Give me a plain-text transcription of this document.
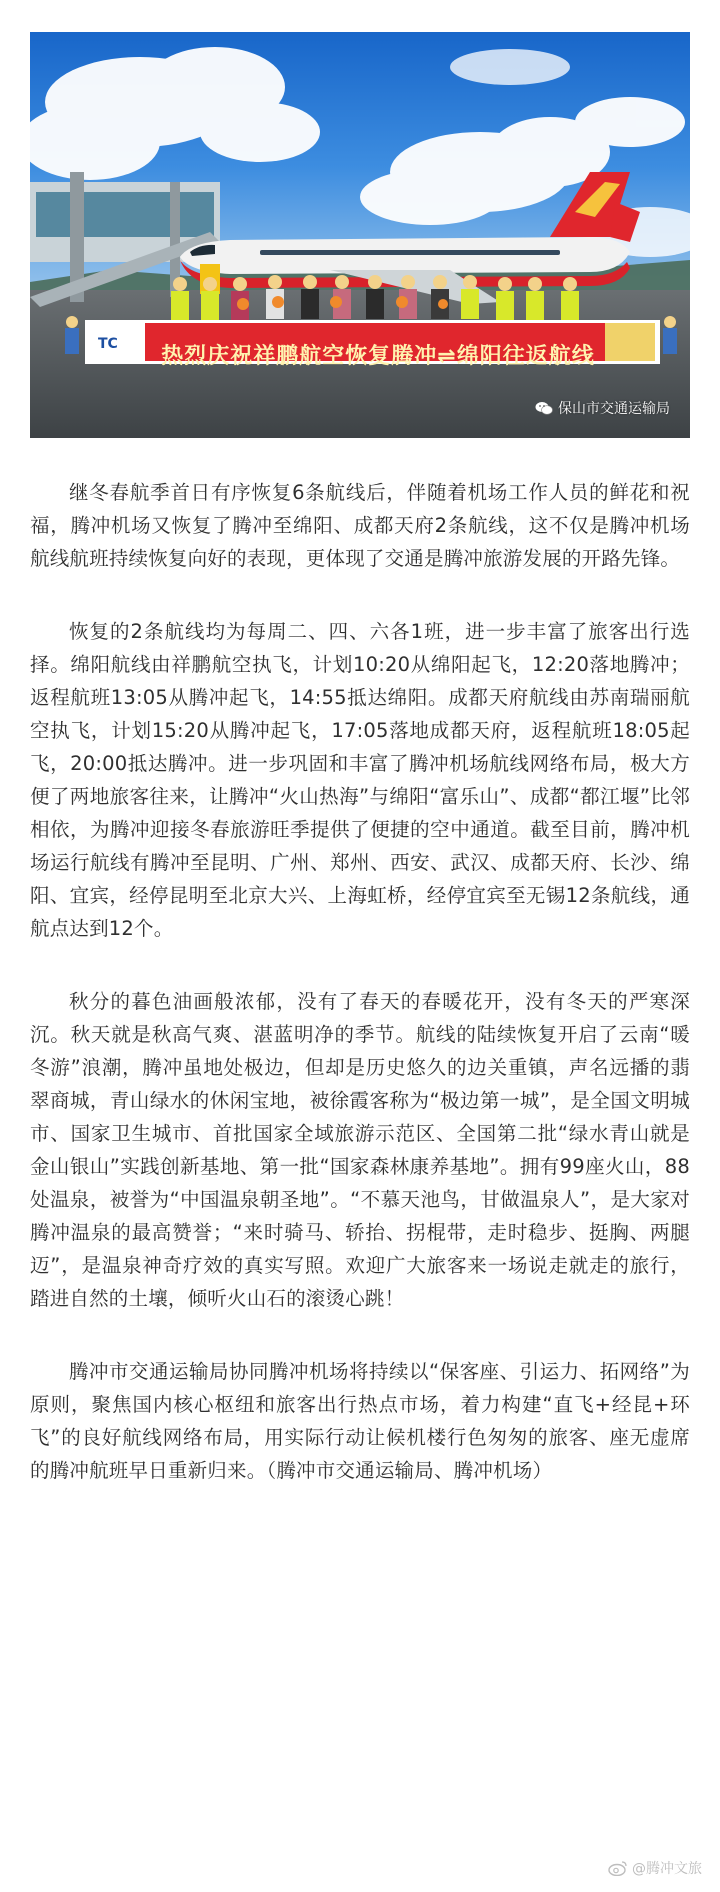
TC	热烈庆祝祥鹏航空恢复腾冲⇌绵阳往返航线
保山市交通运输局

继冬春航季首日有序恢复6条航线后，伴随着机场工作人员的鲜花和祝福，腾冲机场又恢复了腾冲至绵阳、成都天府2条航线，这不仅是腾冲机场航线航班持续恢复向好的表现，更体现了交通是腾冲旅游发展的开路先锋。

恢复的2条航线均为每周二、四、六各1班，进一步丰富了旅客出行选择。绵阳航线由祥鹏航空执飞，计划10:20从绵阳起飞，12:20落地腾冲；返程航班13:05从腾冲起飞，14:55抵达绵阳。成都天府航线由苏南瑞丽航空执飞，计划15:20从腾冲起飞，17:05落地成都天府，返程航班18:05起飞，20:00抵达腾冲。进一步巩固和丰富了腾冲机场航线网络布局，极大方便了两地旅客往来，让腾冲“火山热海”与绵阳“富乐山”、成都“都江堰”比邻相依，为腾冲迎接冬春旅游旺季提供了便捷的空中通道。截至目前，腾冲机场运行航线有腾冲至昆明、广州、郑州、西安、武汉、成都天府、长沙、绵阳、宜宾，经停昆明至北京大兴、上海虹桥，经停宜宾至无锡12条航线，通航点达到12个。

秋分的暮色油画般浓郁，没有了春天的春暖花开，没有冬天的严寒深沉。秋天就是秋高气爽、湛蓝明净的季节。航线的陆续恢复开启了云南“暖冬游”浪潮，腾冲虽地处极边，但却是历史悠久的边关重镇，声名远播的翡翠商城，青山绿水的休闲宝地，被徐霞客称为“极边第一城”，是全国文明城市、国家卫生城市、首批国家全域旅游示范区、全国第二批“绿水青山就是金山银山”实践创新基地、第一批“国家森林康养基地”。拥有99座火山，88处温泉，被誉为“中国温泉朝圣地”。“不慕天池鸟，甘做温泉人”，是大家对腾冲温泉的最高赞誉；“来时骑马、轿抬、拐棍带，走时稳步、挺胸、两腿迈”，是温泉神奇疗效的真实写照。欢迎广大旅客来一场说走就走的旅行，踏进自然的土壤，倾听火山石的滚烫心跳！

腾冲市交通运输局协同腾冲机场将持续以“保客座、引运力、拓网络”为原则，聚焦国内核心枢纽和旅客出行热点市场，着力构建“直飞+经昆+环飞”的良好航线网络布局，用实际行动让候机楼行色匆匆的旅客、座无虚席的腾冲航班早日重新归来。（腾冲市交通运输局、腾冲机场）

@腾冲文旅
